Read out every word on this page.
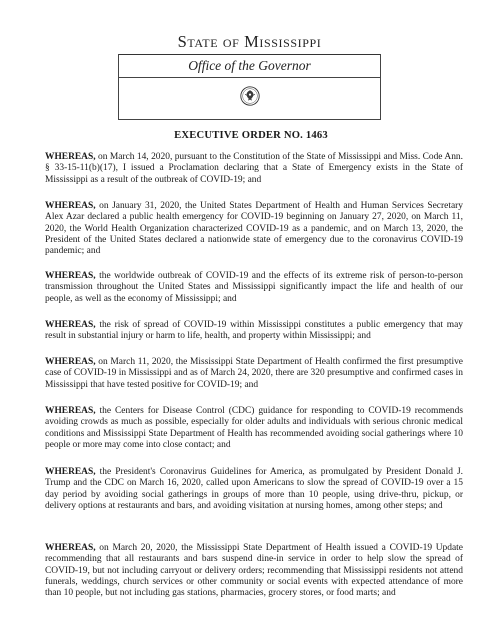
State of Mississippi
Office of the Governor
EXECUTIVE ORDER NO. 1463

WHEREAS, on March 14, 2020, pursuant to the Constitution of the State of Mississippi and Miss. Code Ann. § 33-15-11(b)(17), I issued a Proclamation declaring that a State of Emergency exists in the State of Mississippi as a result of the outbreak of COVID-19; and

WHEREAS, on January 31, 2020, the United States Department of Health and Human Services Secretary Alex Azar declared a public health emergency for COVID-19 beginning on January 27, 2020, on March 11, 2020, the World Health Organization characterized COVID-19 as a pandemic, and on March 13, 2020, the President of the United States declared a nationwide state of emergency due to the coronavirus COVID-19 pandemic; and

WHEREAS, the worldwide outbreak of COVID-19 and the effects of its extreme risk of person-to-person transmission throughout the United States and Mississippi significantly impact the life and health of our people, as well as the economy of Mississippi; and

WHEREAS, the risk of spread of COVID-19 within Mississippi constitutes a public emergency that may result in substantial injury or harm to life, health, and property within Mississippi; and

WHEREAS, on March 11, 2020, the Mississippi State Department of Health confirmed the first presumptive case of COVID-19 in Mississippi and as of March 24, 2020, there are 320 presumptive and confirmed cases in Mississippi that have tested positive for COVID-19; and

WHEREAS, the Centers for Disease Control (CDC) guidance for responding to COVID-19 recommends avoiding crowds as much as possible, especially for older adults and individuals with serious chronic medical conditions and Mississippi State Department of Health has recommended avoiding social gatherings where 10 people or more may come into close contact; and

WHEREAS, the President's Coronavirus Guidelines for America, as promulgated by President Donald J. Trump and the CDC on March 16, 2020, called upon Americans to slow the spread of COVID-19 over a 15 day period by avoiding social gatherings in groups of more than 10 people, using drive-thru, pickup, or delivery options at restaurants and bars, and avoiding visitation at nursing homes, among other steps; and

WHEREAS, on March 20, 2020, the Mississippi State Department of Health issued a COVID-19 Update recommending that all restaurants and bars suspend dine-in service in order to help slow the spread of COVID-19, but not including carryout or delivery orders; recommending that Mississippi residents not attend funerals, weddings, church services or other community or social events with expected attendance of more than 10 people, but not including gas stations, pharmacies, grocery stores, or food marts; and
